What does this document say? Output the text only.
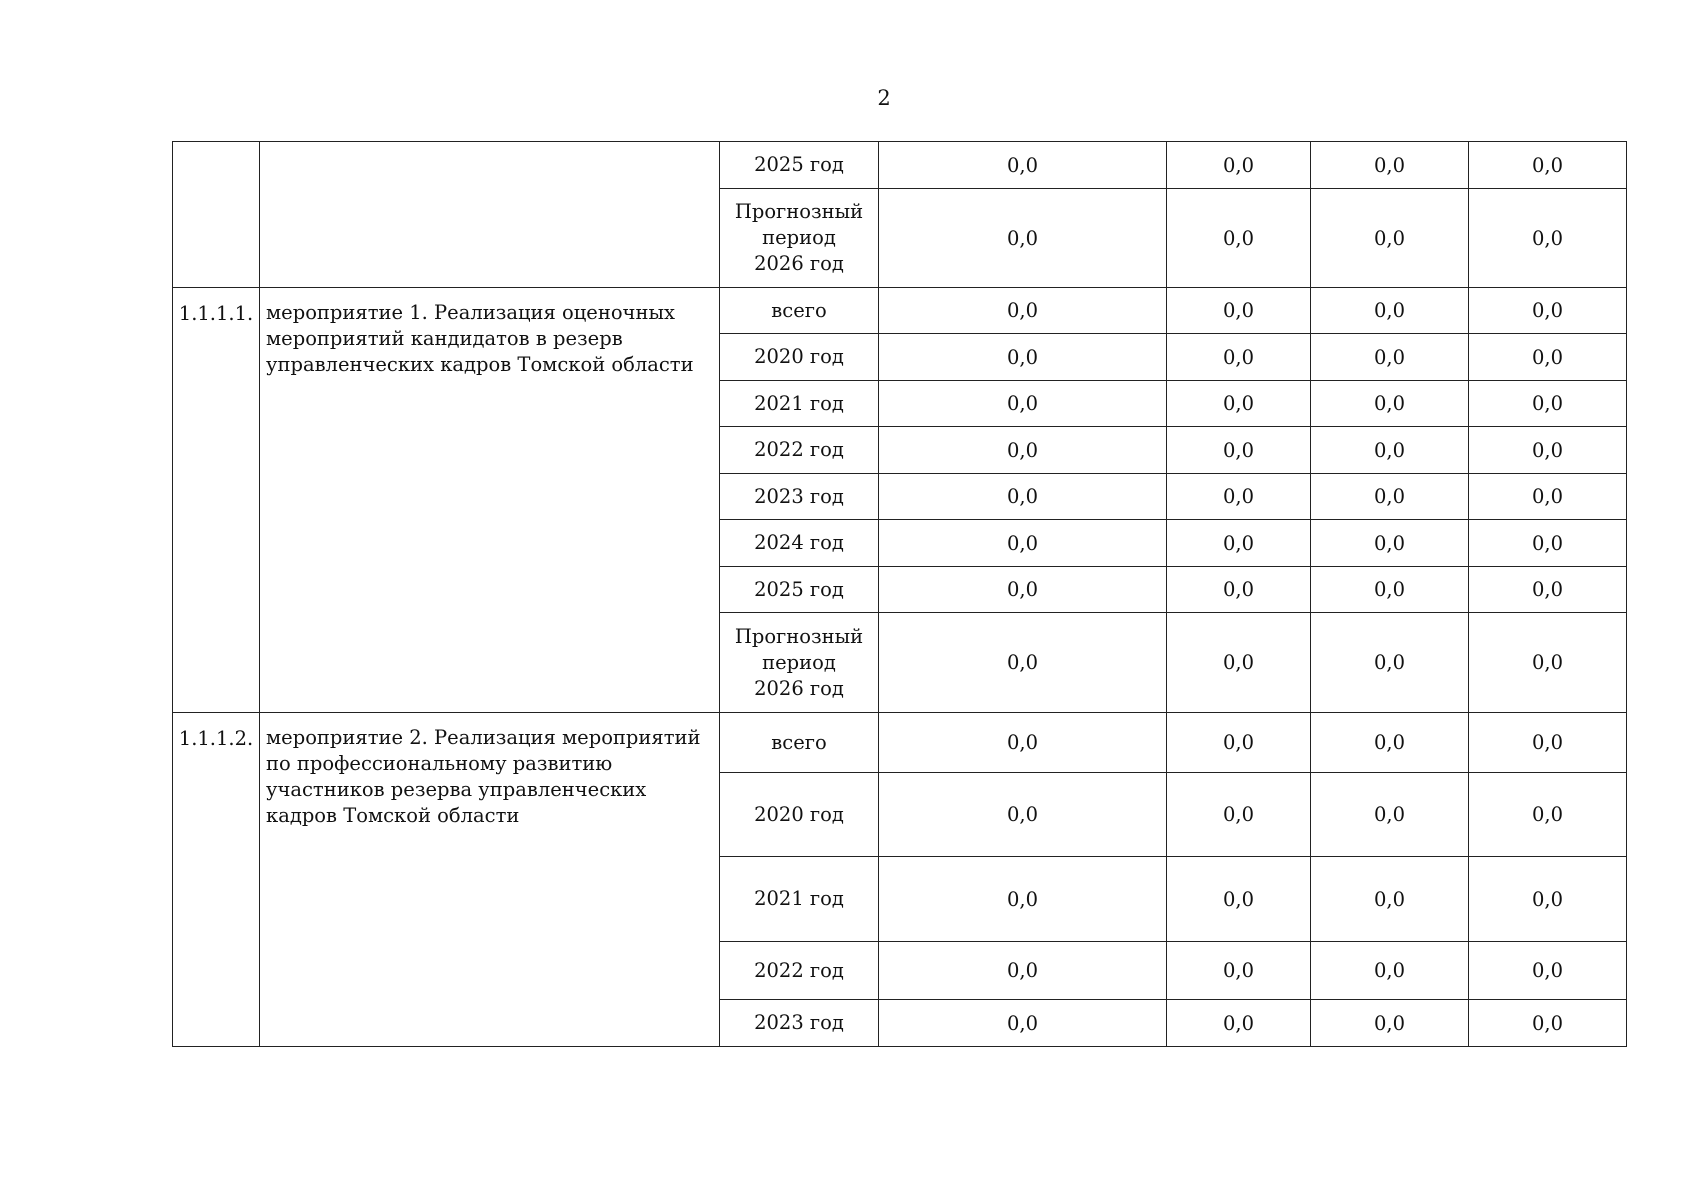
2

		2025 год	0,0	0,0	0,0	0,0

		Прогнозный
период
2026 год	0,0	0,0	0,0	0,0
1.1.1.1.	мероприятие 1. Реализация оценочных мероприятий кандидатов в резерв управленческих кадров Томской области	всего	0,0	0,0	0,0	0,0

		2020 год	0,0	0,0	0,0	0,0

		2021 год	0,0	0,0	0,0	0,0

		2022 год	0,0	0,0	0,0	0,0

		2023 год	0,0	0,0	0,0	0,0

		2024 год	0,0	0,0	0,0	0,0

		2025 год	0,0	0,0	0,0	0,0

		Прогнозный
период
2026 год	0,0	0,0	0,0	0,0
1.1.1.2.	мероприятие 2. Реализация мероприятий по профессиональному развитию участников резерва управленческих кадров Томской области	всего	0,0	0,0	0,0	0,0

		2020 год	0,0	0,0	0,0	0,0

		2021 год	0,0	0,0	0,0	0,0

		2022 год	0,0	0,0	0,0	0,0

		2023 год	0,0	0,0	0,0	0,0
